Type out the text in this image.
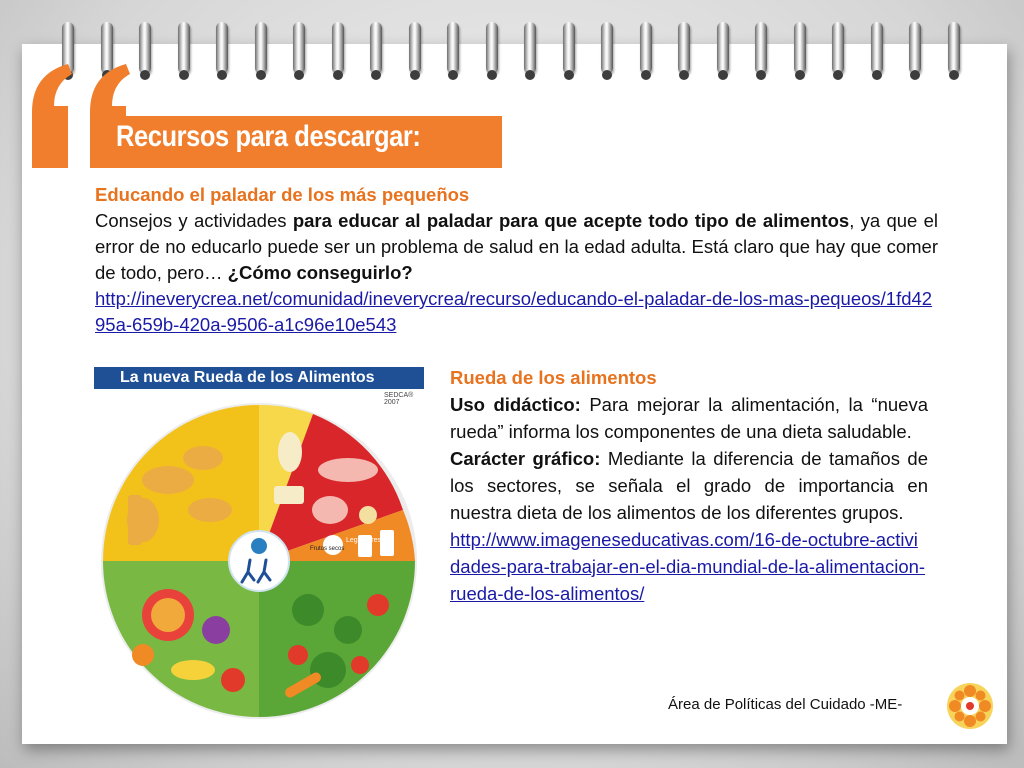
Recursos para descargar:
Educando el paladar de los más pequeños
Consejos y actividades para educar al paladar para que acepte todo tipo de alimentos, ya que el error de no educarlo puede ser un problema de salud en la edad adulta. Está claro que hay que comer de todo, pero… ¿Cómo conseguirlo?
http://ineverycrea.net/comunidad/ineverycrea/recurso/educando-el-paladar-de-los-mas-pequeos/1fd4295a-659b-420a-9506-a1c96e10e543
La nueva Rueda de los Alimentos
SEDCA® 2007
Legumbres
Frutos secos
Rueda de los alimentos
Uso didáctico: Para mejorar la alimentación, la “nueva rueda” informa los componentes de una dieta saludable.
Carácter gráfico: Mediante la diferencia de tamaños de los sectores, se señala el grado de importancia en nuestra dieta de los alimentos de los diferentes grupos.
http://www.imageneseducativas.com/16-de-octubre-actividades-para-trabajar-en-el-dia-mundial-de-la-alimentacion-rueda-de-los-alimentos/
Área de Políticas del Cuidado -ME-
